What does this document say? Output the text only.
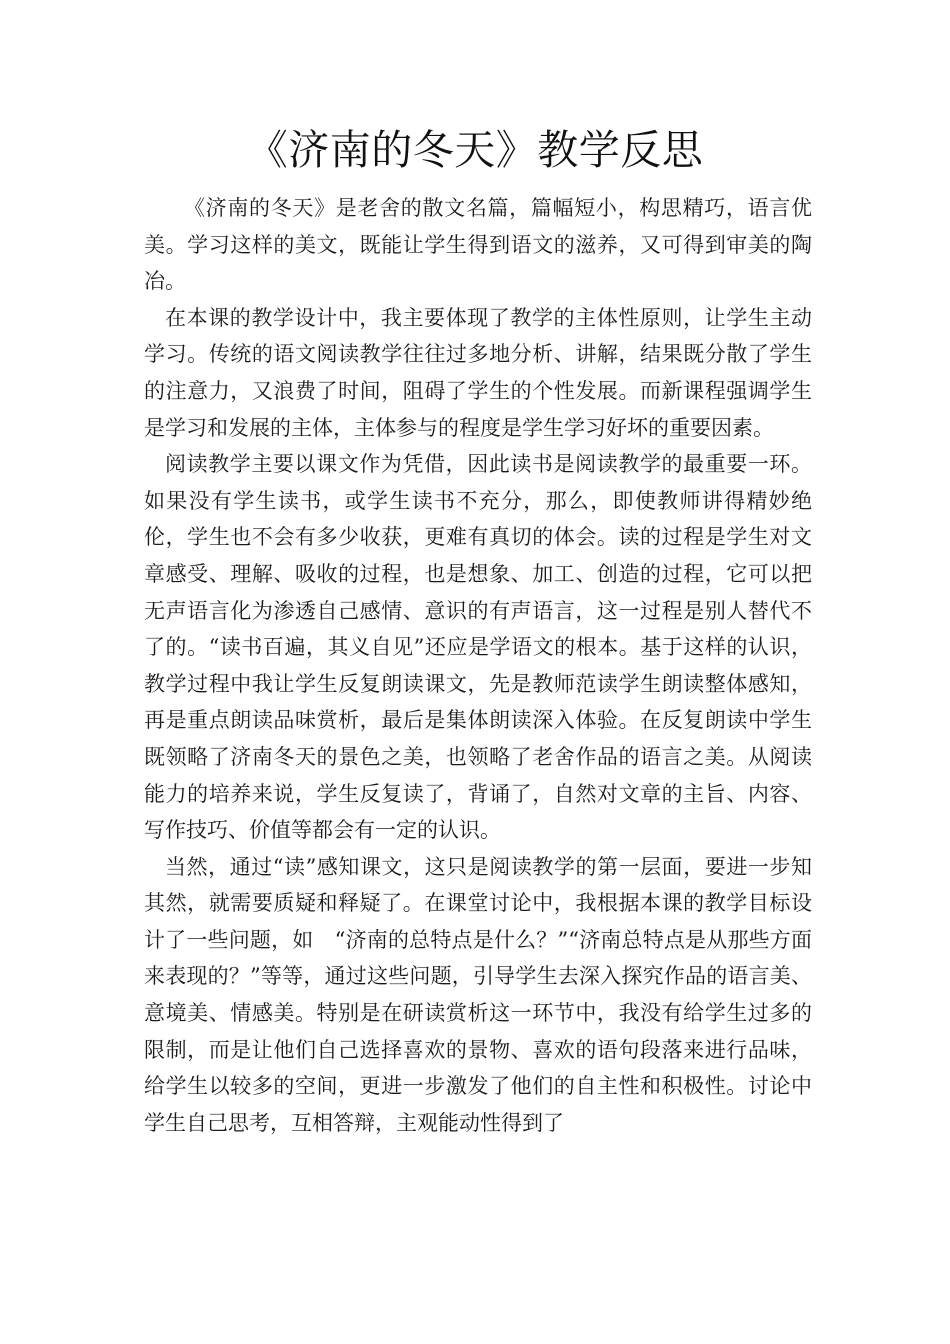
《济南的冬天》教学反思

《济南的冬天》是老舍的散文名篇，篇幅短小，构思精巧，语言优美。学习这样的美文，既能让学生得到语文的滋养，又可得到审美的陶冶。

在本课的教学设计中，我主要体现了教学的主体性原则，让学生主动学习。传统的语文阅读教学往往过多地分析、讲解，结果既分散了学生的注意力，又浪费了时间，阻碍了学生的个性发展。而新课程强调学生是学习和发展的主体，主体参与的程度是学生学习好坏的重要因素。

阅读教学主要以课文作为凭借，因此读书是阅读教学的最重要一环。如果没有学生读书，或学生读书不充分，那么，即使教师讲得精妙绝伦，学生也不会有多少收获，更难有真切的体会。读的过程是学生对文章感受、理解、吸收的过程，也是想象、加工、创造的过程，它可以把无声语言化为渗透自己感情、意识的有声语言，这一过程是别人替代不了的。“读书百遍，其义自见”还应是学语文的根本。基于这样的认识，教学过程中我让学生反复朗读课文，先是教师范读学生朗读整体感知，再是重点朗读品味赏析，最后是集体朗读深入体验。在反复朗读中学生既领略了济南冬天的景色之美，也领略了老舍作品的语言之美。从阅读能力的培养来说，学生反复读了，背诵了，自然对文章的主旨、内容、写作技巧、价值等都会有一定的认识。

当然，通过“读”感知课文，这只是阅读教学的第一层面，要进一步知其然，就需要质疑和释疑了。在课堂讨论中，我根据本课的教学目标设计了一些问题，如　“济南的总特点是什么？”“济南总特点是从那些方面来表现的？”等等，通过这些问题，引导学生去深入探究作品的语言美、意境美、情感美。特别是在研读赏析这一环节中，我没有给学生过多的限制，而是让他们自己选择喜欢的景物、喜欢的语句段落来进行品味，给学生以较多的空间，更进一步激发了他们的自主性和积极性。讨论中学生自己思考，互相答辩，主观能动性得到了
